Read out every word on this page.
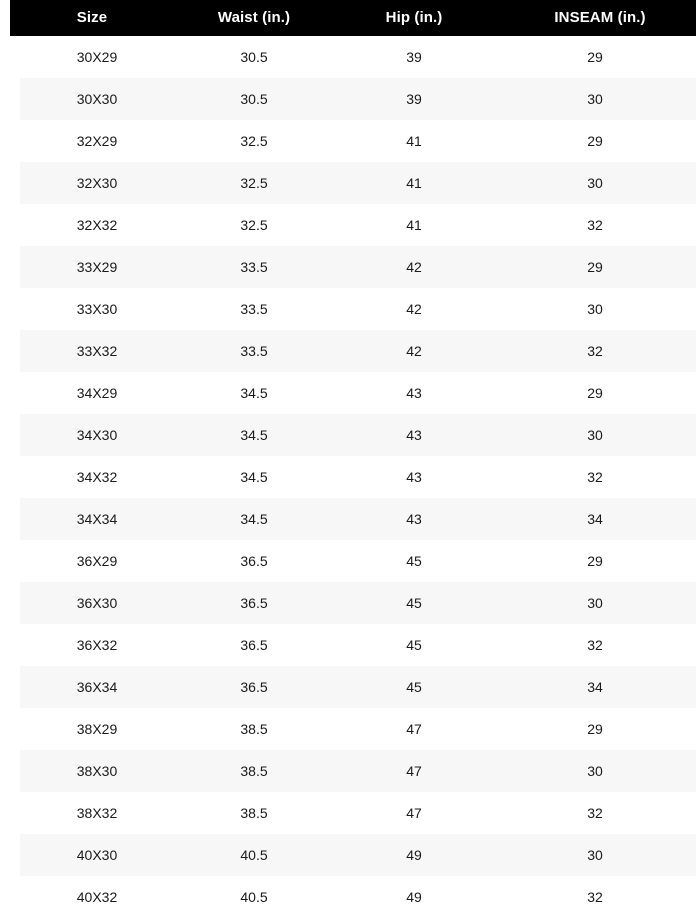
Size	Waist (in.)	Hip (in.)	INSEAM (in.)
30X29	30.5	39	29
30X30	30.5	39	30
32X29	32.5	41	29
32X30	32.5	41	30
32X32	32.5	41	32
33X29	33.5	42	29
33X30	33.5	42	30
33X32	33.5	42	32
34X29	34.5	43	29
34X30	34.5	43	30
34X32	34.5	43	32
34X34	34.5	43	34
36X29	36.5	45	29
36X30	36.5	45	30
36X32	36.5	45	32
36X34	36.5	45	34
38X29	38.5	47	29
38X30	38.5	47	30
38X32	38.5	47	32
40X30	40.5	49	30
40X32	40.5	49	32
